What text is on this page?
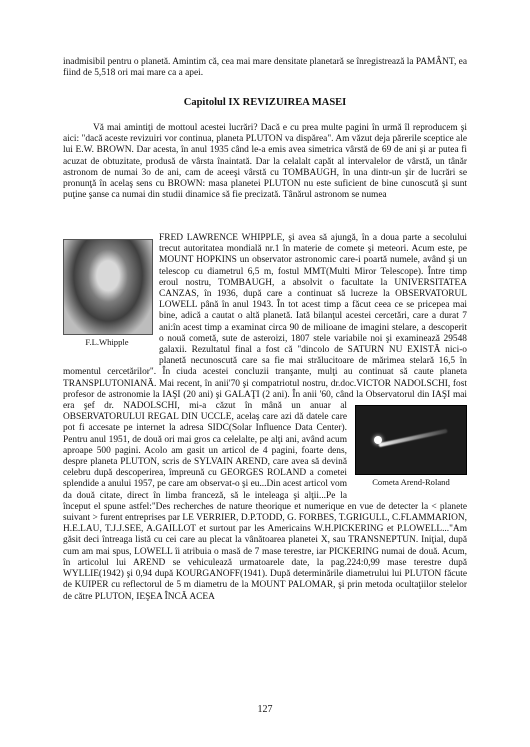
inadmisibil pentru o planetă. Amintim că, cea mai mare densitate planetară se înregistrează la PAMÂNT, ea fiind de 5,518 ori mai mare ca a apei.
Capitolul IX REVIZUIREA MASEI
Vă mai amintiţi de mottoul acestei lucrări? Dacă e cu prea multe pagini în urmă îl reproducem şi aici: "dacă aceste revizuiri vor continua, planeta PLUTON va dispărea". Am văzut deja părerile sceptice ale lui E.W. BROWN. Dar acesta, în anul 1935 când le-a emis avea simetrica vârstă de 69 de ani şi ar putea fi acuzat de obtuzitate, produsă de vârsta înaintată. Dar la celalalt capăt al intervalelor de vârstă, un tânăr astronom de numai 3o de ani, cam de aceeşi vârstă cu TOMBAUGH, în una dintr-un şir de lucrări se pronunţă în acelaş sens cu BROWN: masa planetei PLUTON nu este suficient de bine cunoscută şi sunt puţine şanse ca numai din studii dinamice să fie precizată. Tânărul astronom se numea
F.L.Whipple
FRED LAWRENCE WHIPPLE, şi avea să ajungă, în a doua parte a secolului trecut autoritatea mondială nr.1 în materie de comete şi meteori. Acum este, pe MOUNT HOPKINS un observator astronomic care-i poartă numele, având şi un telescop cu diametrul 6,5 m, fostul MMT(Multi Miror Telescope). Între timp eroul nostru, TOMBAUGH, a absolvit o facultate la UNIVERSITATEA CANZAS, în 1936, după care a continuat să lucreze la OBSERVATORUL LOWELL până în anul 1943. În tot acest timp a făcut ceea ce se pricepea mai bine, adică a cautat o altă planetă. Iată bilanţul acestei cercetări, care a durat 7 ani:în acest timp a examinat circa 90 de milioane de imagini stelare, a descoperit o nouă cometă, sute de asteroizi, 1807 stele variabile noi şi examineazǎ 29548 galaxii. Rezultatul final a fost că "dincolo de SATURN NU EXISTĂ nici-o planetă necunoscută care sa fie mai strălucitoare de mărimea stelară 16,5 în momentul cercetărilor". În ciuda acestei concluzii tranşante, mulţi au continuat să caute planeta TRANSPLUTONIANĂ. Mai recent, în anii'70 şi compatriotul nostru, dr.doc.VICTOR NADOLSCHI, fost profesor de astronomie la IAŞI (20 ani) şi GALAŢI (2 ani). În anii '60, când la Observatorul din IAŞI mai era şef dr.
Cometa Arend-Roland
NADOLSCHI, mi-a căzut în mână un anuar al OBSERVATORULUI REGAL DIN UCCLE, acelaş care azi dă datele care pot fi accesate pe internet la adresa SIDC(Solar Influence Data Center). Pentru anul 1951, de două ori mai gros ca celelalte, pe alţi ani, având acum aproape 500 pagini. Acolo am gasit un articol de 4 pagini, foarte dens, despre planeta PLUTON, scris de SYLVAIN AREND, care avea să devină celebru după descoperirea, împreună cu GEORGES ROLAND a cometei splendide a anului 1957, pe care am observat-o şi eu...Din acest articol vom da două citate, direct în limba franceză, să le inteleaga şi alţii...Pe la început el spune astfel:"Des recherches de nature theorique et numerique en vue de detecter la < planete suivant > furent entreprises par LE VERRIER, D.P.TODD, G. FORBES, T.GRIGULL, C.FLAMMARION, H.E.LAU, T.J.J.SEE, A.GAILLOT et surtout par les Americains W.H.PICKERING et P.LOWELL..."Am găsit deci întreaga listă cu cei care au plecat la vânătoarea planetei X, sau TRANSNEPTUN. Iniţial, după cum am mai spus, LOWELL îi atribuia o masă de 7 mase terestre, iar PICKERING numai de două. Acum, în articolul lui AREND se vehiculează urmatoarele date, la pag.224:0,99 mase terestre după WYLLIE(1942) şi 0,94 după KOURGANOFF(1941). După determinările diametrului lui PLUTON făcute de KUIPER cu reflectorul de 5 m diametru de la MOUNT PALOMAR, şi prin metoda ocultaţiilor stelelor de către PLUTON, IEŞEA ÎNCĂ ACEA
127
